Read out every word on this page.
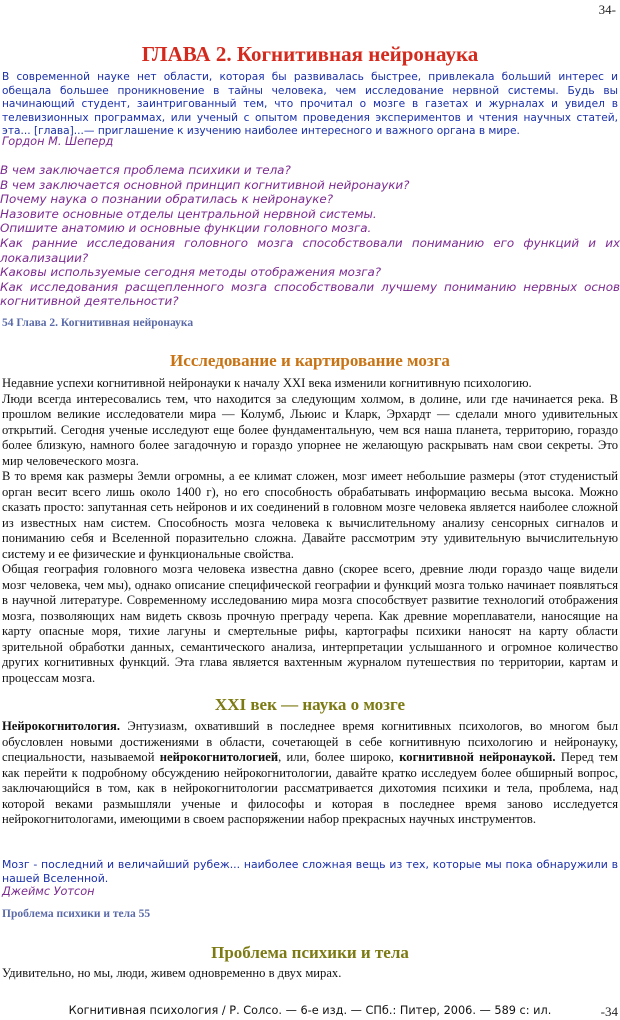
34-
ГЛАВА 2. Когнитивная нейронаука
В современной науке нет области, которая бы развивалась быстрее, привлекала больший интерес и обещала большее проникновение в тайны человека, чем исследование нервной системы. Будь вы начинающий студент, заинтригованный тем, что прочитал о мозге в газетах и журналах и увидел в телевизионных программах, или ученый с опытом проведения экспериментов и чтения научных статей, эта... [глава]...— приглашение к изучению наиболее интересного и важного органа в мире.
Гордон М. Шеперд
В чем заключается проблема психики и тела?
В чем заключается основной принцип когнитивной нейронауки?
Почему наука о познании обратилась к нейронауке?
Назовите основные отделы центральной нервной системы.
Опишите анатомию и основные функции головного мозга.
Как ранние исследования головного мозга способствовали пониманию его функций и их локализации?
Каковы используемые сегодня методы отображения мозга?
Как исследования расщепленного мозга способствовали лучшему пониманию нервных основ когнитивной деятельности?
54 Глава 2. Когнитивная нейронаука
Исследование и картирование мозга

Недавние успехи когнитивной нейронауки к началу XXI века изменили когнитивную психологию.

Люди всегда интересовались тем, что находится за следующим холмом, в долине, или где начинается река. В прошлом великие исследователи мира — Колумб, Льюис и Кларк, Эрхардт — сделали много удивительных открытий. Сегодня ученые исследуют еще более фундаментальную, чем вся наша планета, территорию, гораздо более близкую, намного более загадочную и гораздо упорнее не желающую раскрывать нам свои секреты. Это мир человеческого мозга.

В то время как размеры Земли огромны, а ее климат сложен, мозг имеет небольшие размеры (этот студенистый орган весит всего лишь около 1400 г), но его способность обрабатывать информацию весьма высока. Можно сказать просто: запутанная сеть нейронов и их соединений в головном мозге человека является наиболее сложной из известных нам систем. Способность мозга человека к вычислительному анализу сенсорных сигналов и пониманию себя и Вселенной поразительно сложна. Давайте рассмотрим эту удивительную вычислительную систему и ее физические и функциональные свойства.

Общая география головного мозга человека известна давно (скорее всего, древние люди гораздо чаще видели мозг человека, чем мы), однако описание специфической географии и функций мозга только начинает появляться в научной литературе. Современному исследованию мира мозга способствует развитие технологий отображения мозга, позволяющих нам видеть сквозь прочную преграду черепа. Как древние мореплаватели, наносящие на карту опасные моря, тихие лагуны и смертельные рифы, картографы психики наносят на карту области зрительной обработки данных, семантического анализа, интерпретации услышанного и огромное количество других когнитивных функций. Эта глава является вахтенным журналом путешествия по территории, картам и процессам мозга.

XXI век — наука о мозге

Нейрокогнитология. Энтузиазм, охвативший в последнее время когнитивных психологов, во многом был обусловлен новыми достижениями в области, сочетающей в себе когнитивную психологию и нейронауку, специальности, называемой нейрокогнитологией, или, более широко, когнитивной нейронаукой. Перед тем как перейти к подробному обсуждению нейрокогнитологии, давайте кратко исследуем более обширный вопрос, заключающийся в том, как в нейрокогнитологии рассматривается дихотомия психики и тела, проблема, над которой веками размышляли ученые и философы и которая в последнее время заново исследуется нейрокогнитологами, имеющими в своем распоряжении набор прекрасных научных инструментов.

Мозг - последний и величайший рубеж... наиболее сложная вещь из тех, которые мы пока обнаружили в нашей Вселенной.
Джеймс Уотсон
Проблема психики и тела 55
Проблема психики и тела
Удивительно, но мы, люди, живем одновременно в двух мирах.
Когнитивная психология / Р. Солсо. — 6-е изд. — СПб.: Питер, 2006. — 589 с: ил.	-34
